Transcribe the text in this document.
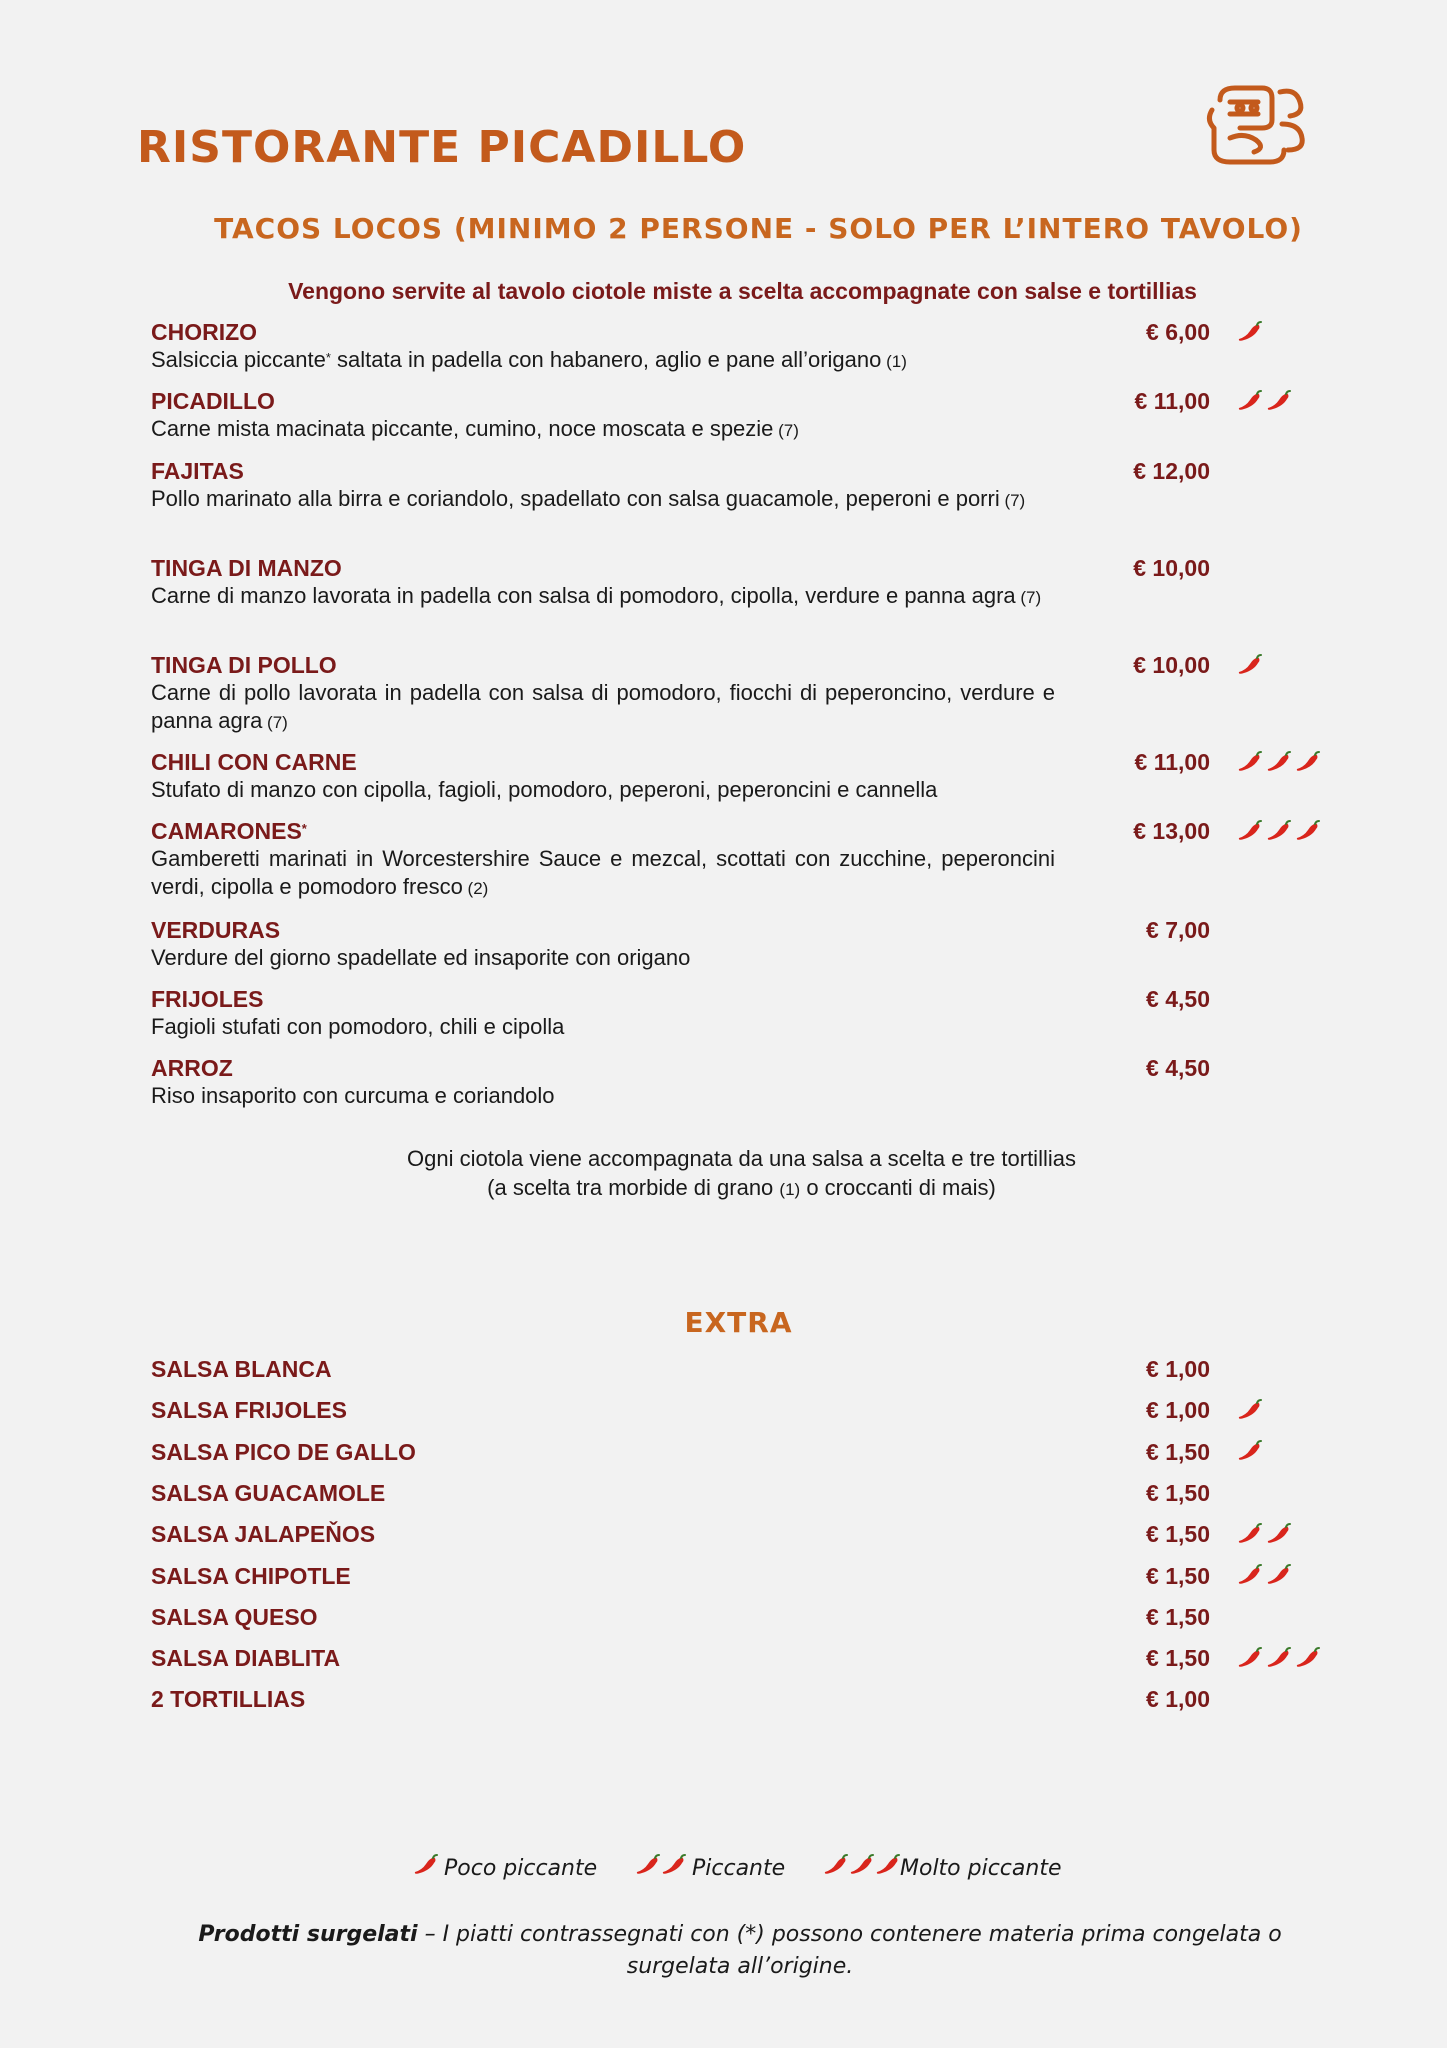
RISTORANTE PICADILLO
TACOS LOCOS (MINIMO 2 PERSONE - SOLO PER L’INTERO TAVOLO)
Vengono servite al tavolo ciotole miste a scelta accompagnate con salse e tortillias
CHORIZO
Salsiccia piccante* saltata in padella con habanero, aglio e pane all’origano (1)
€ 6,00
PICADILLO
Carne mista macinata piccante, cumino, noce moscata e spezie (7)
€ 11,00
FAJITAS
Pollo marinato alla birra e coriandolo, spadellato con salsa guacamole, peperoni e porri (7)
€ 12,00
TINGA DI MANZO
Carne di manzo lavorata in padella con salsa di pomodoro, cipolla, verdure e panna agra (7)
€ 10,00
TINGA DI POLLO
Carne di pollo lavorata in padella con salsa di pomodoro, fiocchi di peperoncino, verdure e panna agra (7)
€ 10,00
CHILI CON CARNE
Stufato di manzo con cipolla, fagioli, pomodoro, peperoni, peperoncini e cannella
€ 11,00
CAMARONES*
Gamberetti marinati in Worcestershire Sauce e mezcal, scottati con zucchine, peperoncini verdi, cipolla e pomodoro fresco (2)
€ 13,00
VERDURAS
Verdure del giorno spadellate ed insaporite con origano
€ 7,00
FRIJOLES
Fagioli stufati con pomodoro, chili e cipolla
€ 4,50
ARROZ
Riso insaporito con curcuma e coriandolo
€ 4,50
Ogni ciotola viene accompagnata da una salsa a scelta e tre tortillias
(a scelta tra morbide di grano (1) o croccanti di mais)
EXTRA
SALSA BLANCA	€ 1,00
SALSA FRIJOLES	€ 1,00
SALSA PICO DE GALLO	€ 1,50
SALSA GUACAMOLE	€ 1,50
SALSA JALAPEŇOS	€ 1,50
SALSA CHIPOTLE	€ 1,50
SALSA QUESO	€ 1,50
SALSA DIABLITA	€ 1,50
2 TORTILLIAS	€ 1,00
Poco piccante	Piccante	Molto piccante
Prodotti surgelati – I piatti contrassegnati con (*) possono contenere materia prima congelata o surgelata all’origine.
